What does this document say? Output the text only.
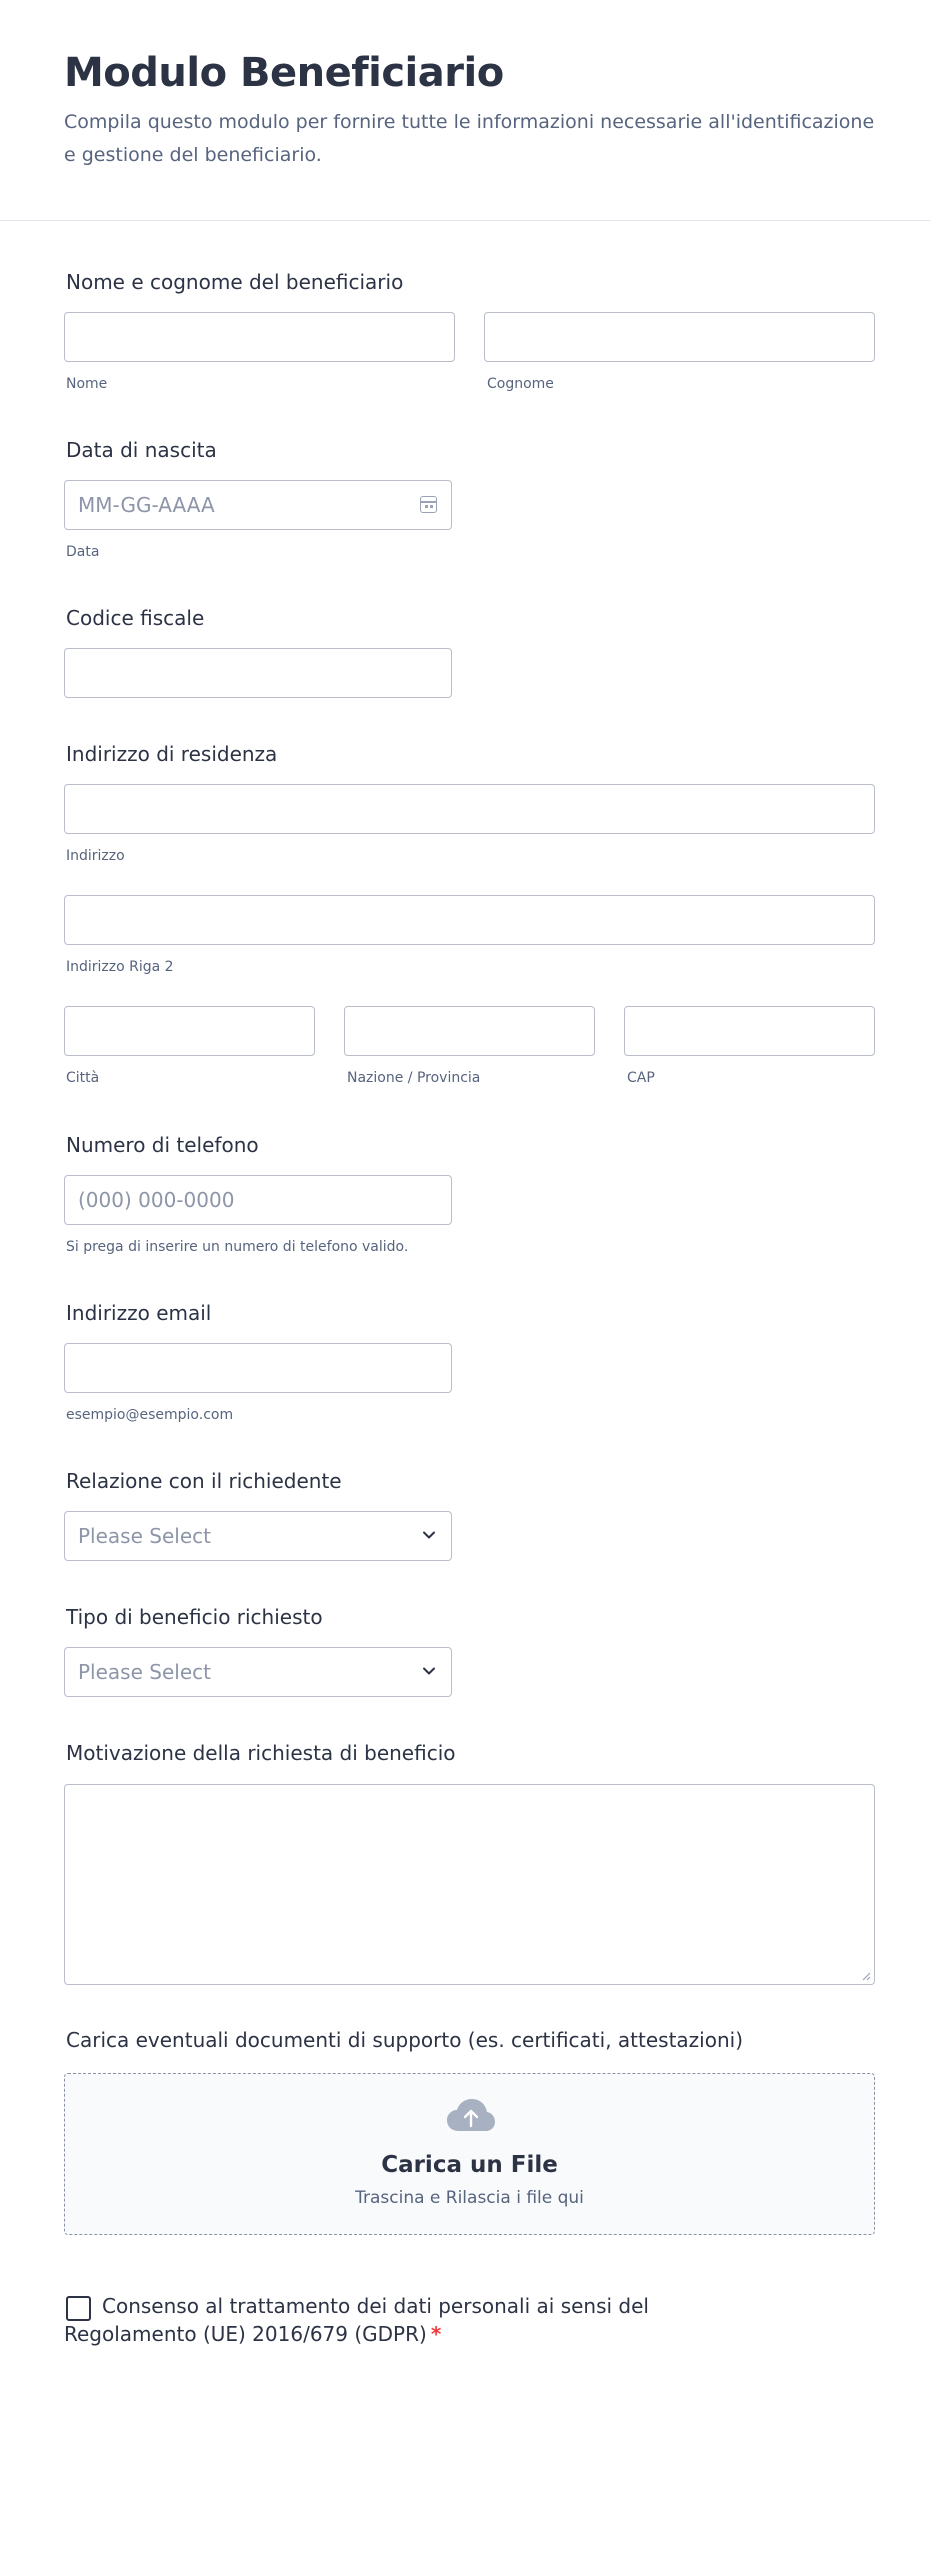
Modulo Beneficiario
Compila questo modulo per fornire tutte le informazioni necessarie all'identificazione e gestione del beneficiario.
Nome e cognome del beneficiario
Nome	Cognome
Data di nascita
MM-GG-AAAA
Data
Codice fiscale
Indirizzo di residenza
Indirizzo
Indirizzo Riga 2
Città	Nazione / Provincia	CAP
Numero di telefono
(000) 000-0000
Si prega di inserire un numero di telefono valido.
Indirizzo email
esempio@esempio.com
Relazione con il richiedente
Please Select
Tipo di beneficio richiesto
Please Select
Motivazione della richiesta di beneficio
Carica eventuali documenti di supporto (es. certificati, attestazioni)
Carica un File
Trascina e Rilascia i file qui
Consenso al trattamento dei dati personali ai sensi del Regolamento (UE) 2016/679 (GDPR) *
